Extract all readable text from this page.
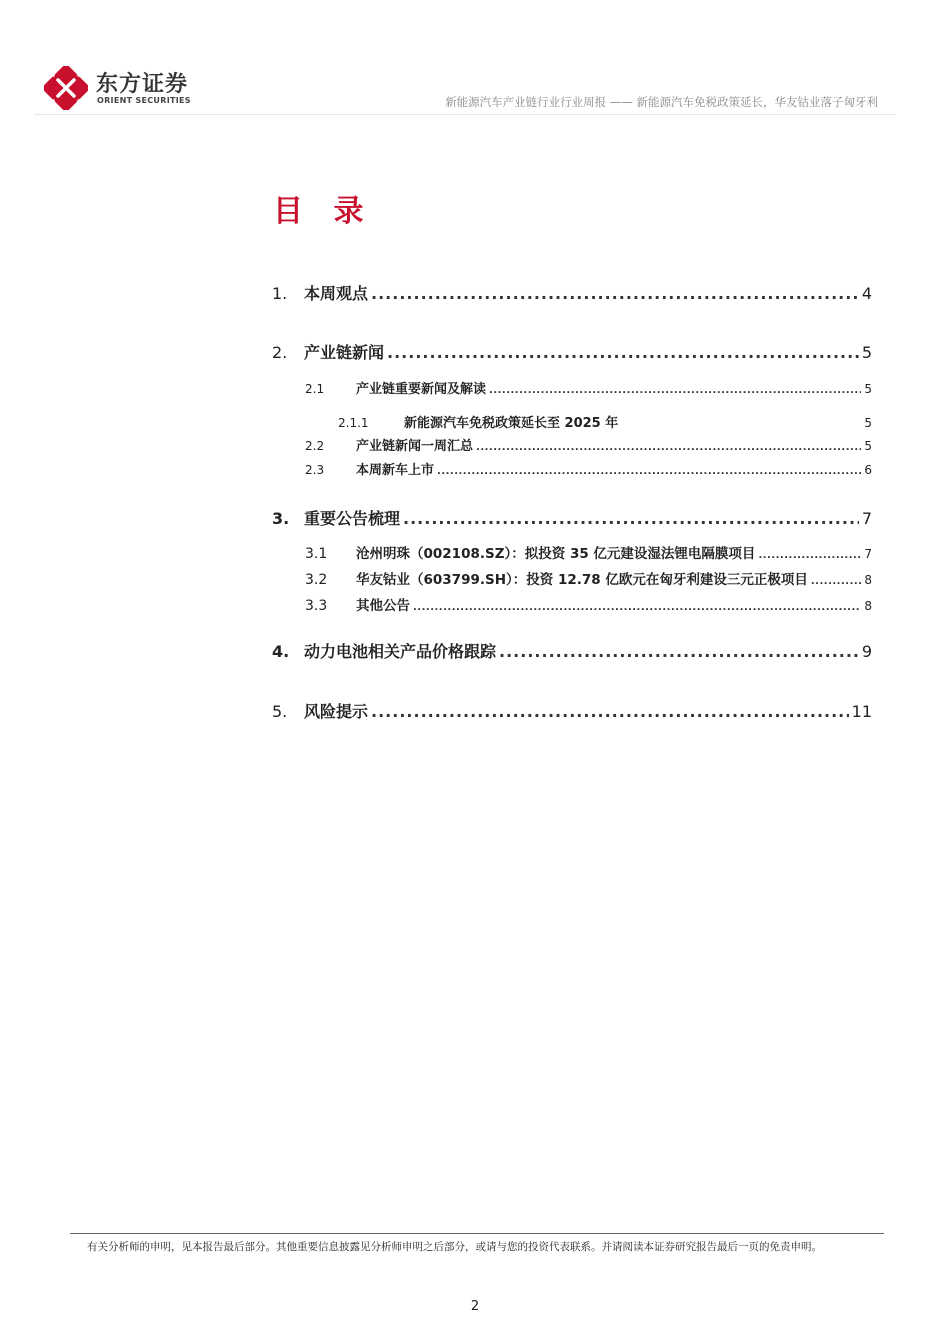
东方证券
ORIENT SECURITIES	新能源汽车产业链行业行业周报 —— 新能源汽车免税政策延长，华友钴业落子匈牙利
目 录
1.	本周观点 .....	4
2.	产业链新闻 .....	5
2.1	产业链重要新闻及解读 .....	5
2.1.1	新能源汽车免税政策延长至 2025 年	5
2.2	产业链新闻一周汇总 .....	5
2.3	本周新车上市 .....	6
3. 重要公告梳理 .....	7
3.1	沧州明珠（002108.SZ）：拟投资 35 亿元建设湿法锂电隔膜项目 .....	7
3.2	华友钴业（603799.SH）：投资 12.78 亿欧元在匈牙利建设三元正极项目 .....	8
3.3	其他公告 .....	8
4. 动力电池相关产品价格跟踪 .....	9
5.	风险提示 .....	11
有关分析师的申明，见本报告最后部分。其他重要信息披露见分析师申明之后部分，或请与您的投资代表联系。并请阅读本证券研究报告最后一页的免责申明。
2
